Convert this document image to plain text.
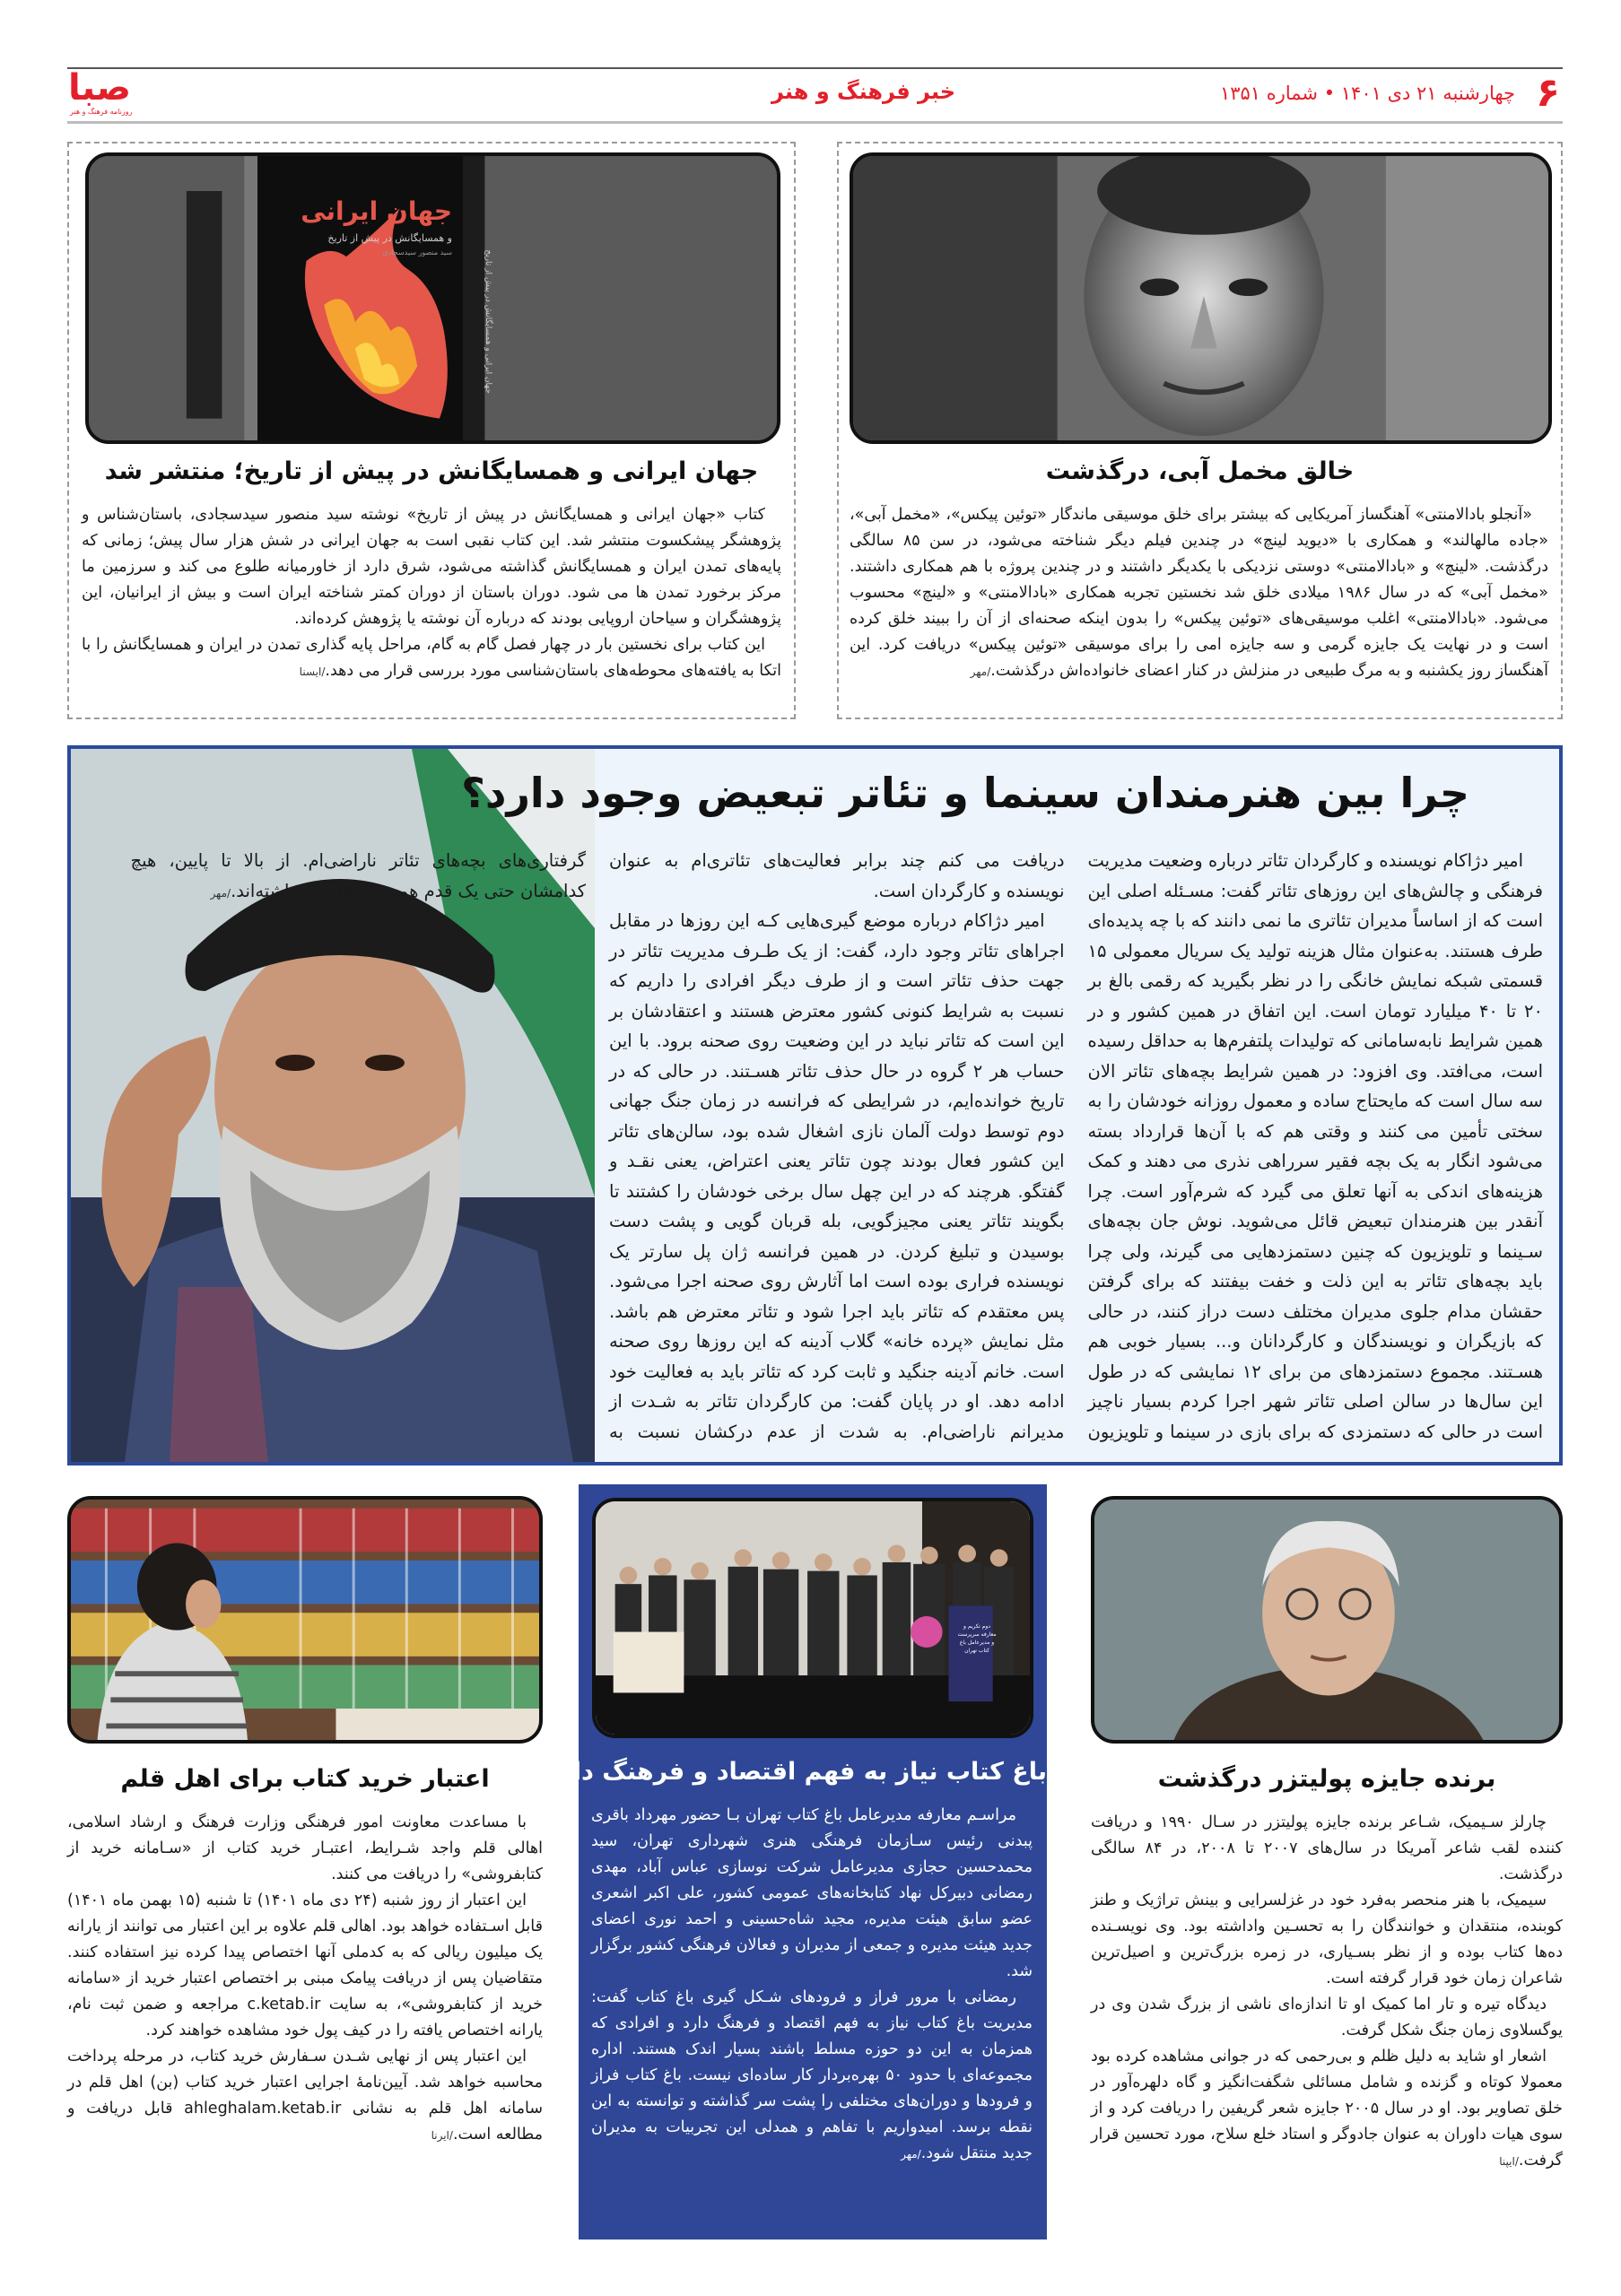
۶
چهارشنبه ۲۱ دی ۱۴۰۱ • شماره ۱۳۵۱
خبر فرهنگ و هنر
صبا
روزنامه فرهنگ و هنر
خالق مخمل آبی، درگذشت

«آنجلو بادالامنتی» آهنگساز آمریکایی که بیشتر برای خلق موسیقی ماندگار «توئین پیکس»، «مخمل آبی»، «جاده مالهالند» و همکاری با «دیوید لینچ» در چندین فیلم دیگر شناخته می‌شود، در سن ۸۵ سالگی درگذشت. «لینچ» و «بادالامنتی» دوستی نزدیکی با یکدیگر داشتند و در چندین پروژه با هم همکاری داشتند. «مخمل آبی» که در سال ۱۹۸۶ میلادی خلق شد نخستین تجربه همکاری «بادالامنتی» و «لینچ» محسوب می‌شود. «بادالامنتی» اغلب موسیقی‌های «توئین پیکس» را بدون اینکه صحنه‌ای از آن را ببیند خلق کرده است و در نهایت یک جایزه گرمی و سه جایزه امی را برای موسیقی «توئین پیکس» دریافت کرد. این آهنگساز روز یکشنبه و به مرگ طبیعی در منزلش در کنار اعضای خانواده‌اش درگذشت./مهر

جهان ایرانی
و همسایگانش در پیش از تاریخ
سید منصور سیدسجادی	جهان ایرانی و همسایگانش در پیش از تاریخ
جهان ایرانی و همسایگانش در پیش از تاریخ؛ منتشر شد

کتاب «جهان ایرانی و همسایگانش در پیش از تاریخ» نوشته سید منصور سیدسجادی، باستان‌شناس و پژوهشگر پیشکسوت منتشر شد. این کتاب نقبی است به جهان ایرانی در شش هزار سال پیش؛ زمانی که پایه‌های تمدن ایران و همسایگانش گذاشته می‌شود، شرق دارد از خاورمیانه طلوع می کند و سرزمین ما مرکز برخورد تمدن ها می شود. دوران باستان از دوران کمتر شناخته ایران است و بیش از ایرانیان، این پژوهشگران و سیاحان اروپایی بودند که درباره آن نوشته یا پژوهش کرده‌اند.

این کتاب برای نخستین بار در چهار فصل گام به گام، مراحل پایه گذاری تمدن در ایران و همسایگانش را با اتکا به یافته‌های محوطه‌های باستان‌شناسی مورد بررسی قرار می دهد./ایسنا

چرا بین هنرمندان سینما و تئاتر تبعیض وجود دارد؟

امیر دژاکام نویسنده و کارگردان تئاتر درباره وضعیت مدیریت فرهنگی و چالش‌های این روزهای تئاتر گفت: مسـئله اصلی این است که از اساساً مدیران تئاتری ما نمی دانند که با چه پدیده‌ای طرف هستند. به‌عنوان مثال هزینه تولید یک سریال معمولی ۱۵ قسمتی شبکه نمایش خانگی را در نظر بگیرید که رقمی بالغ بر ۲۰ تا ۴۰ میلیارد تومان است. این اتفاق در همین کشور و در همین شرایط نابه‌سامانی که تولیدات پلتفرم‌ها به حداقل رسیده است، می‌افتد. وی افزود: در همین شرایط بچه‌های تئاتر الان سه سال است که مایحتاج ساده و معمول روزانه خودشان را به سختی تأمین می کنند و وقتی هم که با آن‌ها قرارداد بسته می‌شود انگار به یک بچه فقیر سرراهی نذری می دهند و کمک هزینه‌های اندکی به آنها تعلق می گیرد که شرم‌آور است. چرا آنقدر بین هنرمندان تبعیض قائل می‌شوید. نوش جان بچه‌های سـینما و تلویزیون که چنین دستمزدهایی می گیرند، ولی چرا باید بچه‌های تئاتر به این ذلت و خفت بیفتند که برای گرفتن حقشان مدام جلوی مدیران مختلف دست دراز کنند، در حالی که بازیگران و نویسندگان و کارگردانان و... بسیار خوبی هم هسـتند. مجموع دستمزدهای من برای ۱۲ نمایشی که در طول این سال‌ها در سالن اصلی تئاتر شهر اجرا کردم بسیار ناچیز است در حالی که دستمزدی که برای بازی در سینما و تلویزیون دریافت می کنم چند برابر فعالیت‌های تئاتری‌ام به عنوان نویسنده و کارگردان است.

امیر دژاکام درباره موضع گیری‌هایی کـه این روزها در مقابل اجراهای تئاتر وجود دارد، گفت: از یک طـرف مدیریت تئاتر در جهت حذف تئاتر است و از طرف دیگر افرادی را داریم که نسبت به شرایط کنونی کشور معترض هستند و اعتقادشان بر این است که تئاتر نباید در این وضعیت روی صحنه برود. با این حساب هر ۲ گروه در حال حذف تئاتر هسـتند. در حالی که در تاریخ خوانده‌ایم، در شرایطی که فرانسه در زمان جنگ جهانی دوم توسط دولت آلمان نازی اشغال شده بود، سالن‌های تئاتر این کشور فعال بودند چون تئاتر یعنی اعتراض، یعنی نقـد و گفتگو. هرچند که در این چهل سال برخی خودشان را کشتند تا بگویند تئاتر یعنی مجیزگویی، بله قربان گویی و پشت دست بوسیدن و تبلیغ کردن. در همین فرانسه ژان پل سارتر یک نویسنده فراری بوده است اما آثارش روی صحنه اجرا می‌شود. پس معتقدم که تئاتر باید اجرا شود و تئاتر معترض هم باشد. مثل نمایش «پرده خانه» گلاب آدینه که این روزها روی صحنه است. خانم آدینه جنگید و ثابت کرد که تئاتر باید به فعالیت خود ادامه دهد. او در پایان گفت: من کارگردان تئاتر به شـدت از مدیرانم ناراضی‌ام. به شدت از عدم درکشان نسبت به گرفتاری‌های بچه‌های تئاتر ناراضی‌ام. از بالا تا پایین، هیچ کدامشان حتی یک قدم هم برای تئاتر برنداشته‌اند./مهر

برنده جایزه پولیتزر درگذشت

چارلز سـیمیک، شـاعر برنده جایزه پولیتزر در سـال ۱۹۹۰ و دریافت کننده لقب شاعر آمریکا در سال‌های ۲۰۰۷ تا ۲۰۰۸، در ۸۴ سالگی درگذشت.

سیمیک، با هنر منحصر به‌فرد خود در غزلسرایی و بینش تراژیک و طنز کوبنده، منتقدان و خوانندگان را به تحسـین واداشته بود. وی نویسـنده ده‌ها کتاب بوده و از نظر بسـیاری، در زمره بزرگ‌ترین و اصیل‌ترین شاعران زمان خود قرار گرفته است.

دیدگاه تیره و تار اما کمیک او تا اندازه‌ای ناشی از بزرگ شدن وی در یوگسلاوی زمان جنگ شکل گرفت.

اشعار او شاید به دلیل ظلم و بی‌رحمی که در جوانی مشاهده کرده بود معمولا کوتاه و گزنده و شامل مسائلی شگفت‌انگیز و گاه دلهره‌آور در خلق تصاویر بود. او در سال ۲۰۰۵ جایزه شعر گریفین را دریافت کرد و از سوی هیات داوران به عنوان جادوگر و استاد خلع سلاح، مورد تحسین قرار گرفت./ایپنا

دوم تکریم و معارفه سرپرست و مدیرعامل باغ کتاب تهران
باغ کتاب نیاز به فهم اقتصاد و فرهنگ دارد

مراسـم معارفه مدیرعامل باغ کتاب تهران بـا حضور مهرداد باقری پبدنی رئیس سـازمان فرهنگی هنری شهرداری تهران، سید محمدحسین حجازی مدیرعامل شرکت نوسازی عباس آباد، مهدی رمضانی دبیرکل نهاد کتابخانه‌های عمومی کشور، علی اکبر اشعری عضو سابق هیئت مدیره، مجید شاه‌حسینی و احمد نوری اعضای جدید هیئت مدیره و جمعی از مدیران و فعالان فرهنگی کشور برگزار شد.

رمضانی با مرور فراز و فرودهای شـکل گیری باغ کتاب گفت: مدیریت باغ کتاب نیاز به فهم اقتصاد و فرهنگ دارد و افرادی که همزمان به این دو حوزه مسلط باشند بسیار اندک هستند. اداره مجموعه‌ای با حدود ۵۰ بهره‌بردار کار ساده‌ای نیست. باغ کتاب فراز و فرودها و دوران‌های مختلفی را پشت سر گذاشته و توانسته به این نقطه برسد. امیدواریم با تفاهم و همدلی این تجربیات به مدیران جدید منتقل شود./مهر

اعتبار خرید کتاب برای اهل قلم

با مساعدت معاونت امور فرهنگی وزارت فرهنگ و ارشاد اسلامی، اهالی قلم واجد شـرایط، اعتبـار خرید کتاب از «سـامانه خرید از کتابفروشی» را دریافت می کنند.

این اعتبار از روز شنبه (۲۴ دی ماه ۱۴۰۱) تا شنبه (۱۵ بهمن ماه ۱۴۰۱) قابل اسـتفاده خواهد بود. اهالی قلم علاوه بر این اعتبار می توانند از یارانه یک میلیون ریالی که به کدملی آنها اختصاص پیدا کرده نیز استفاده کنند. متقاضیان پس از دریافت پیامک مبنی بر اختصاص اعتبار خرید از «سامانه خرید از کتابفروشی»، به سایت c.ketab.ir مراجعه و ضمن ثبت نام، یارانه اختصاص یافته را در کیف پول خود مشاهده خواهند کرد.

این اعتبار پس از نهایی شـدن سـفارش خرید کتاب، در مرحله پرداخت محاسبه خواهد شد. آیین‌نامهٔ اجرایی اعتبار خرید کتاب (بن) اهل قلم در سامانه اهل قلم به نشانی ahleghalam.ketab.ir قابل دریافت و مطالعه است./ایرنا
